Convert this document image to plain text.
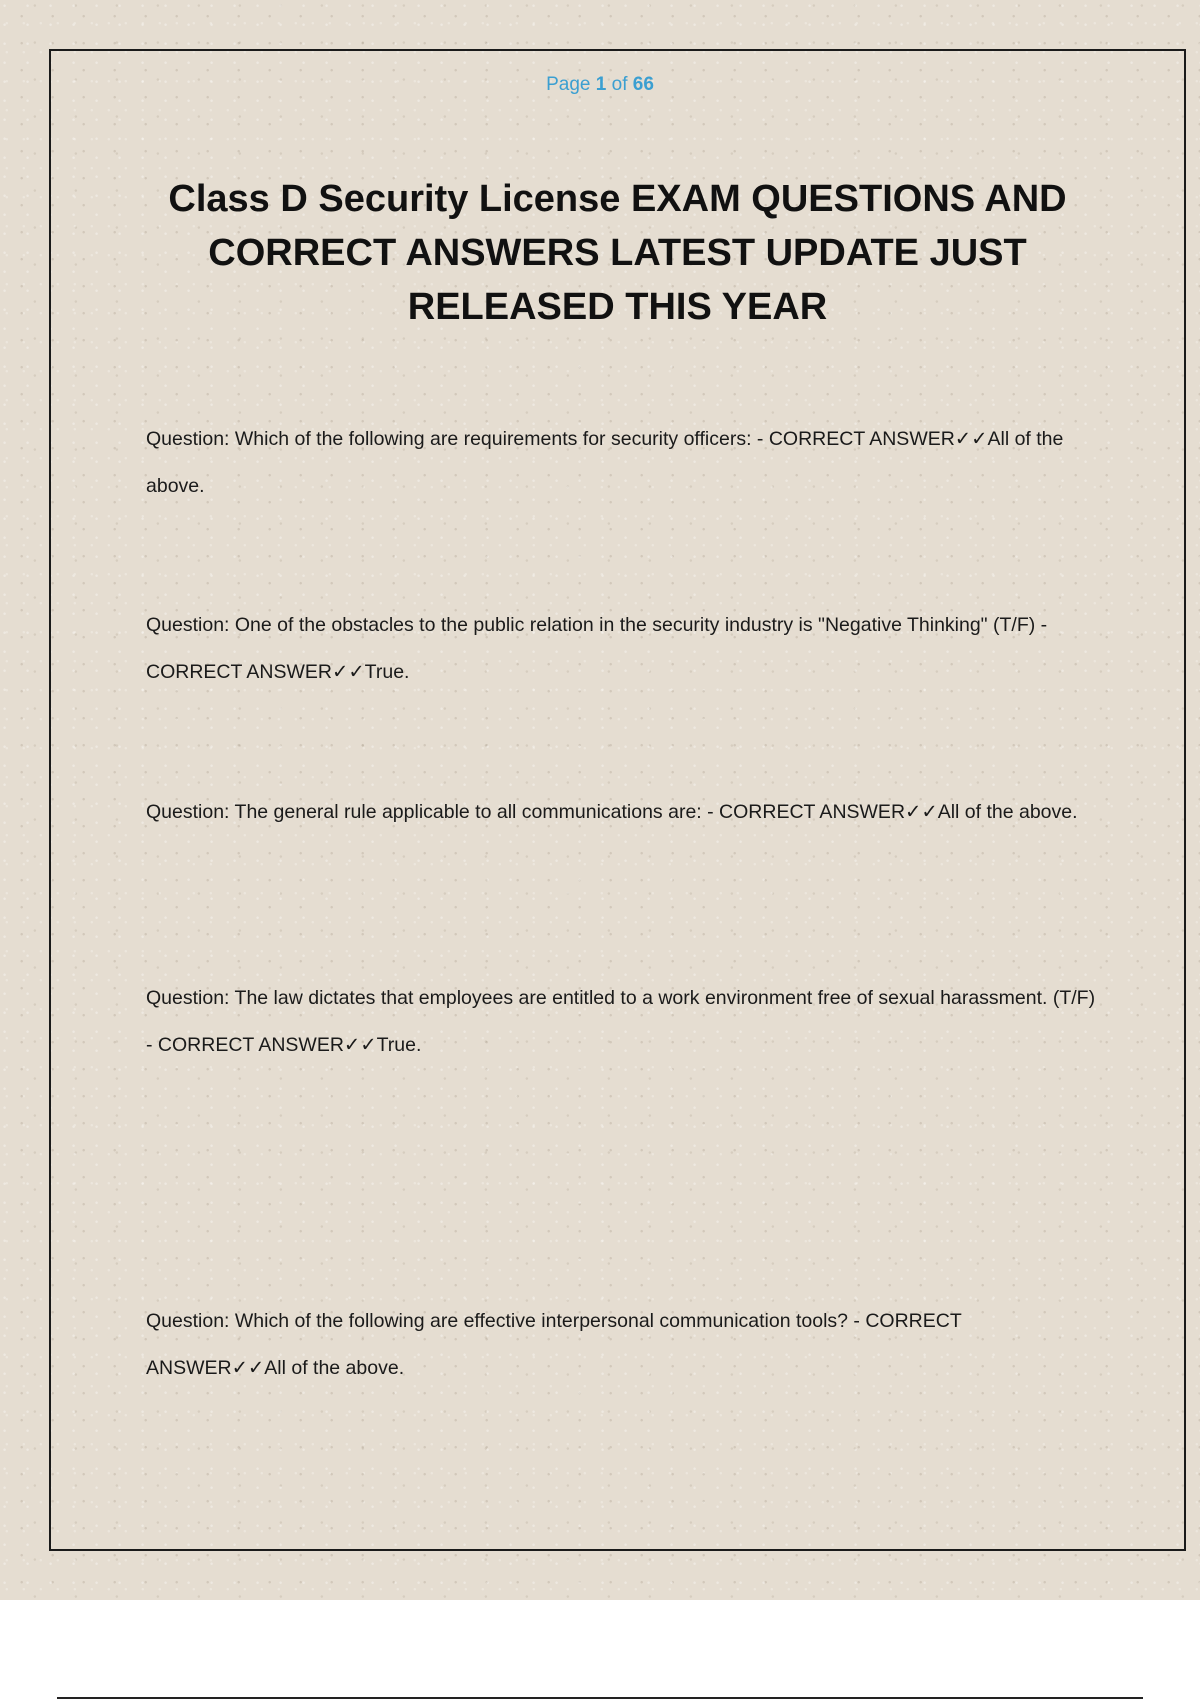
Page 1 of 66
Class D Security License EXAM QUESTIONS AND CORRECT ANSWERS LATEST UPDATE JUST RELEASED THIS YEAR

Question: Which of the following are requirements for security officers: - CORRECT ANSWER✓✓All of the above.

Question: One of the obstacles to the public relation in the security industry is "Negative Thinking" (T/F) - CORRECT ANSWER✓✓True.

Question: The general rule applicable to all communications are: - CORRECT ANSWER✓✓All of the above.

Question: The law dictates that employees are entitled to a work environment free of sexual harassment. (T/F) - CORRECT ANSWER✓✓True.

Question: Which of the following are effective interpersonal communication tools? - CORRECT ANSWER✓✓All of the above.
